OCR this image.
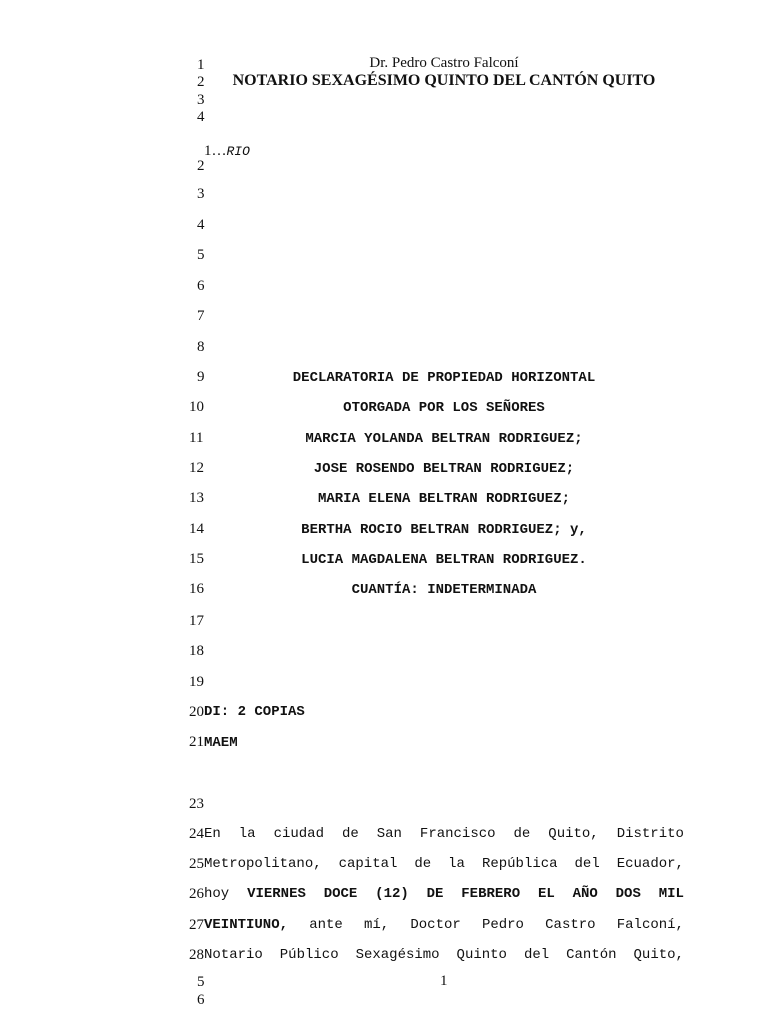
Dr. Pedro Castro Falconí
NOTARIO SEXAGÉSIMO QUINTO DEL CANTÓN QUITO
1
2
3
4

1…RIO

2
3
4
5
6
7
8
9
10
11
12
13
14
15
16
17
18
19
20
21
23
24
25
26
27
28
DECLARATORIA DE PROPIEDAD HORIZONTAL
OTORGADA POR LOS SEÑORES
MARCIA YOLANDA BELTRAN RODRIGUEZ;
JOSE ROSENDO BELTRAN RODRIGUEZ;
MARIA ELENA BELTRAN RODRIGUEZ;
BERTHA ROCIO BELTRAN RODRIGUEZ; y,
LUCIA MAGDALENA BELTRAN RODRIGUEZ.
CUANTÍA: INDETERMINADA
DI: 2 COPIAS
MAEM
En la ciudad de San Francisco de Quito, Distrito
Metropolitano, capital de la República del Ecuador,
hoy VIERNES DOCE (12) DE FEBRERO EL AÑO DOS MIL
VEINTIUNO, ante mí, Doctor Pedro Castro Falconí,
Notario Público Sexagésimo Quinto del Cantón Quito,
5
6
1
